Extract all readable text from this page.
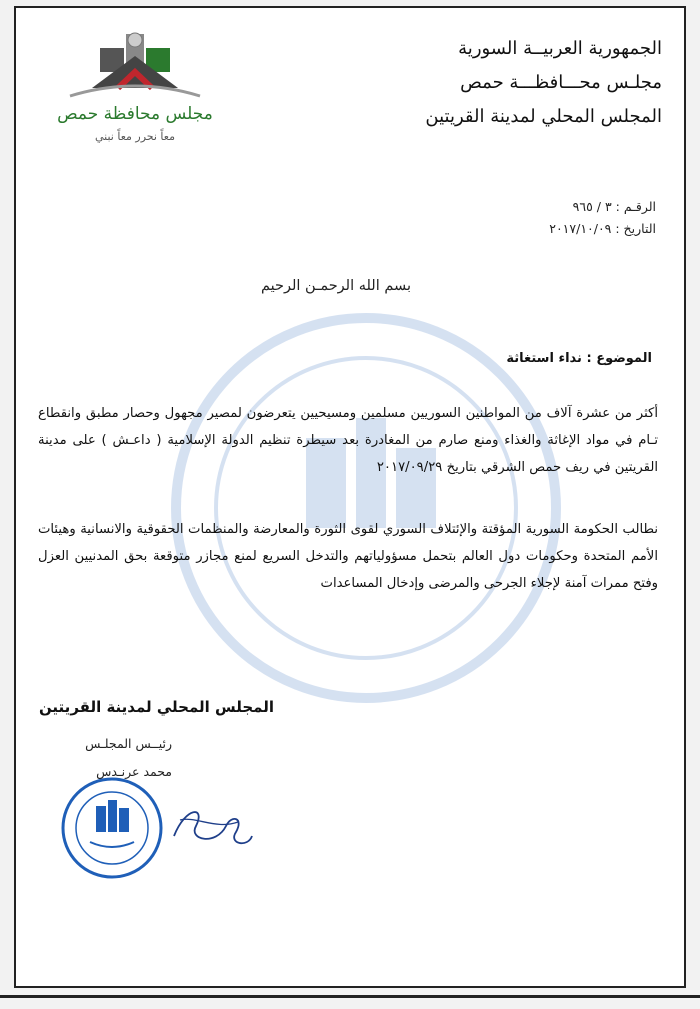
مجلس محافظة حمص
معاً نحرر معاً نبني
الجمهورية العربيــة السورية
مجلـس محـــافظـــة حمص
المجلس المحلي لمدينة القريتين
الرقـم : ٣ / ٩٦٥
التاريخ : ٢٠١٧/١٠/٠٩
بسم الله الرحمـن الرحيم
الموضوع : نداء استغاثة
أكثر من عشرة آلاف من المواطنين السوريين مسلمين ومسيحيين يتعرضون لمصير مجهول وحصار مطبق وانقطاع تـام في مواد الإغاثة والغذاء ومنع صارم من المغادرة بعد سيطرة تنظيم الدولة الإسلامية ( داعـش ) على مدينة القريتين في ريف حمص الشرقي بتاريخ ٢٠١٧/٠٩/٢٩
نطالب الحكومة السورية المؤقتة والإئتلاف السوري لقوى الثورة والمعارضة والمنظمات الحقوقية والانسانية وهيئات الأمم المتحدة وحكومات دول العالم بتحمل مسؤولياتهم والتدخل السريع لمنع مجازر متوقعة بحق المدنيين العزل وفتح ممرات آمنة لإجلاء الجرحى والمرضى وإدخال المساعدات
المجلس المحلي لمدينة القريتين
رئيــس المجلـس
محمد عرنـدس
